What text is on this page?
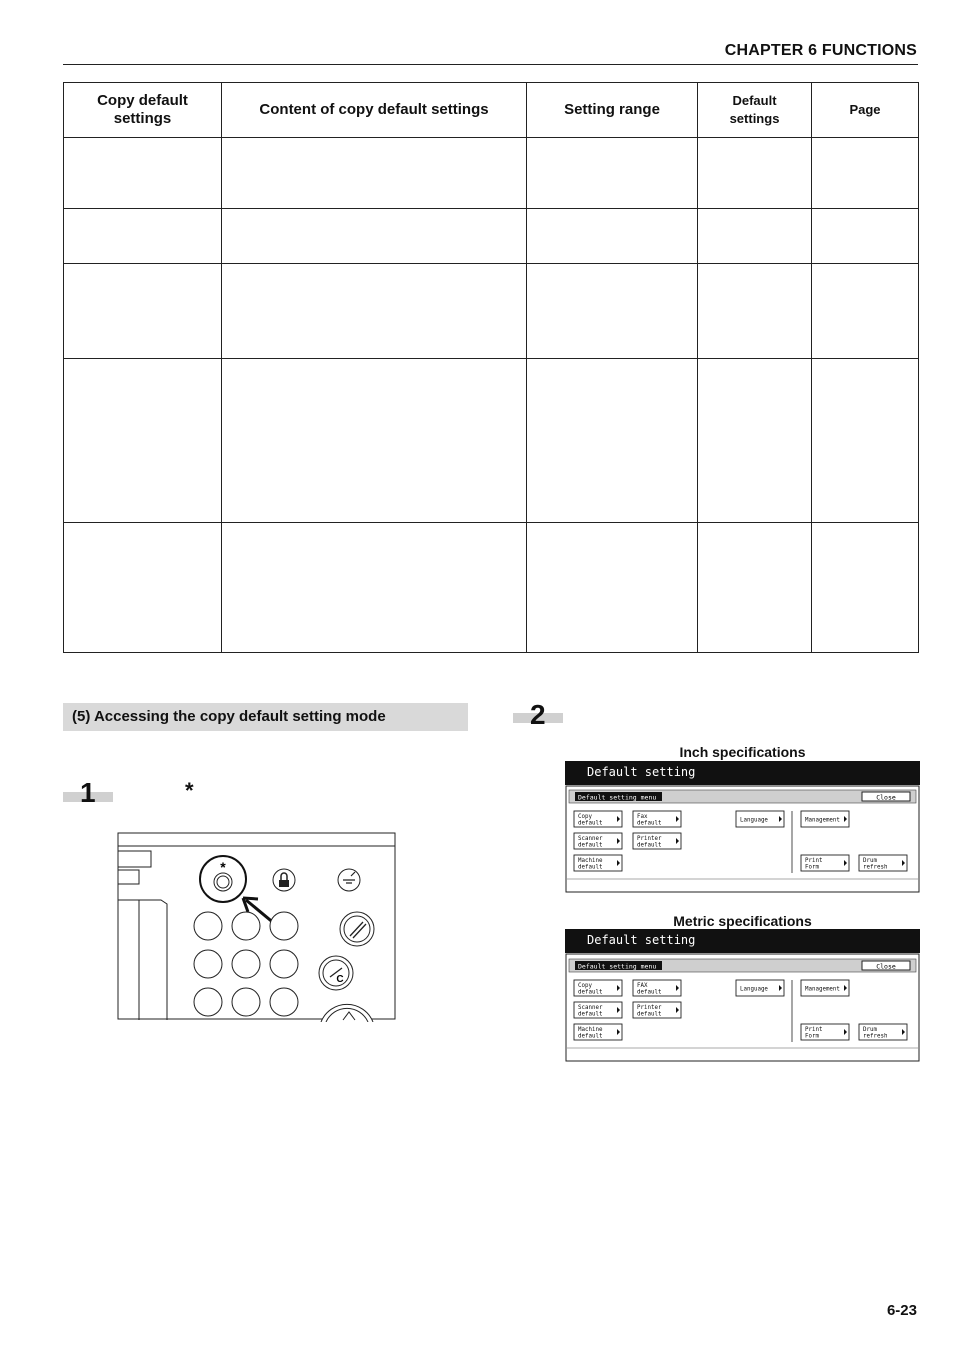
CHAPTER 6 FUNCTIONS
Copy default settings	Content of copy default settings	Setting range	Default settings	Page

(5) Accessing the copy default setting mode
1	*
2
*
C
Inch specifications
Default setting
Default setting menu	Close
Copy
default
Fax
default
Scanner
default
Printer
default
Machine
default
Language	Management
Print
Form
Drum
refresh
Metric specifications
Default setting
Default setting menu	Close
Copy
default
FAX
default
Scanner
default
Printer
default
Machine
default
Language	Management
Print
Form
Drum
refresh
6-23
